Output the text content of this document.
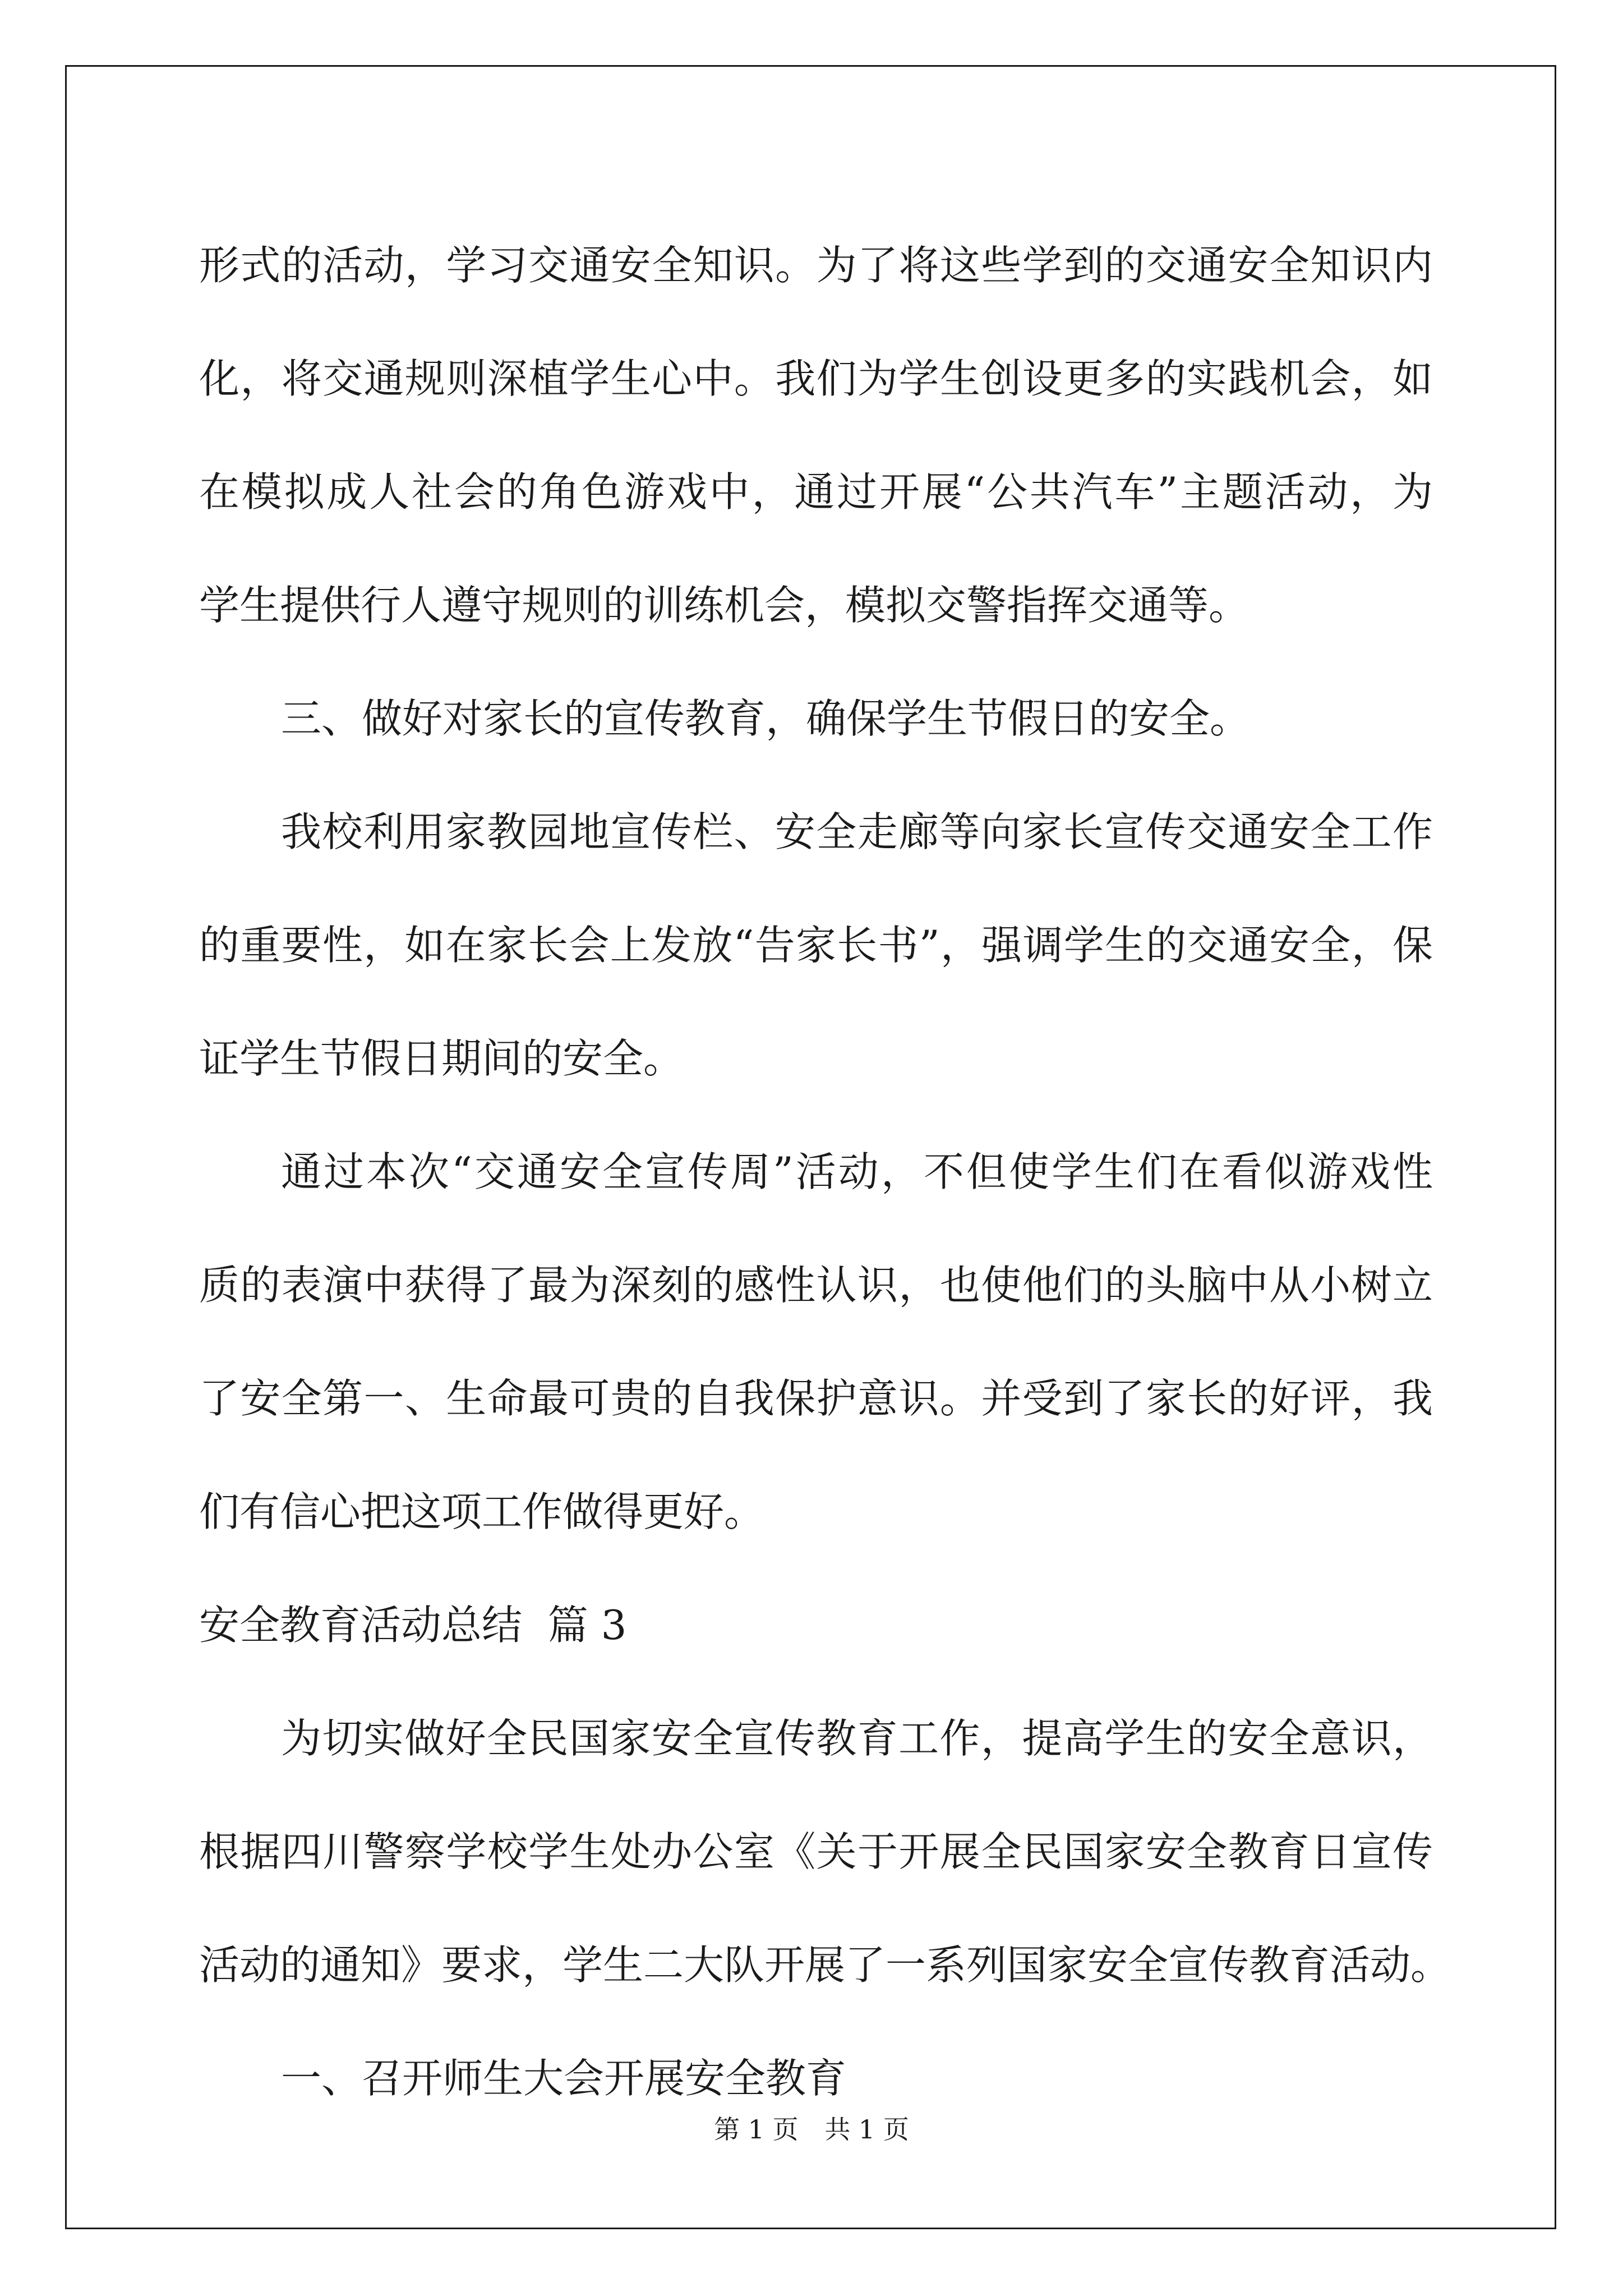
形式的活动，学习交通安全知识。为了将这些学到的交通安全知识内
化，将交通规则深植学生心中。我们为学生创设更多的实践机会，如
在模拟成人社会的角色游戏中，通过开展“公共汽车”主题活动，为
学生提供行人遵守规则的训练机会，模拟交警指挥交通等。
三、做好对家长的宣传教育，确保学生节假日的安全。
我校利用家教园地宣传栏、安全走廊等向家长宣传交通安全工作
的重要性，如在家长会上发放“告家长书”，强调学生的交通安全，保
证学生节假日期间的安全。
通过本次“交通安全宣传周”活动，不但使学生们在看似游戏性
质的表演中获得了最为深刻的感性认识，也使他们的头脑中从小树立
了安全第一、生命最可贵的自我保护意识。并受到了家长的好评，我
们有信心把这项工作做得更好。
安全教育活动总结  篇 3
为切实做好全民国家安全宣传教育工作，提高学生的安全意识，
根据四川警察学校学生处办公室《关于开展全民国家安全教育日宣传
活动的通知》要求，学生二大队开展了一系列国家安全宣传教育活动。
一、召开师生大会开展安全教育
第 1 页 共 1 页
